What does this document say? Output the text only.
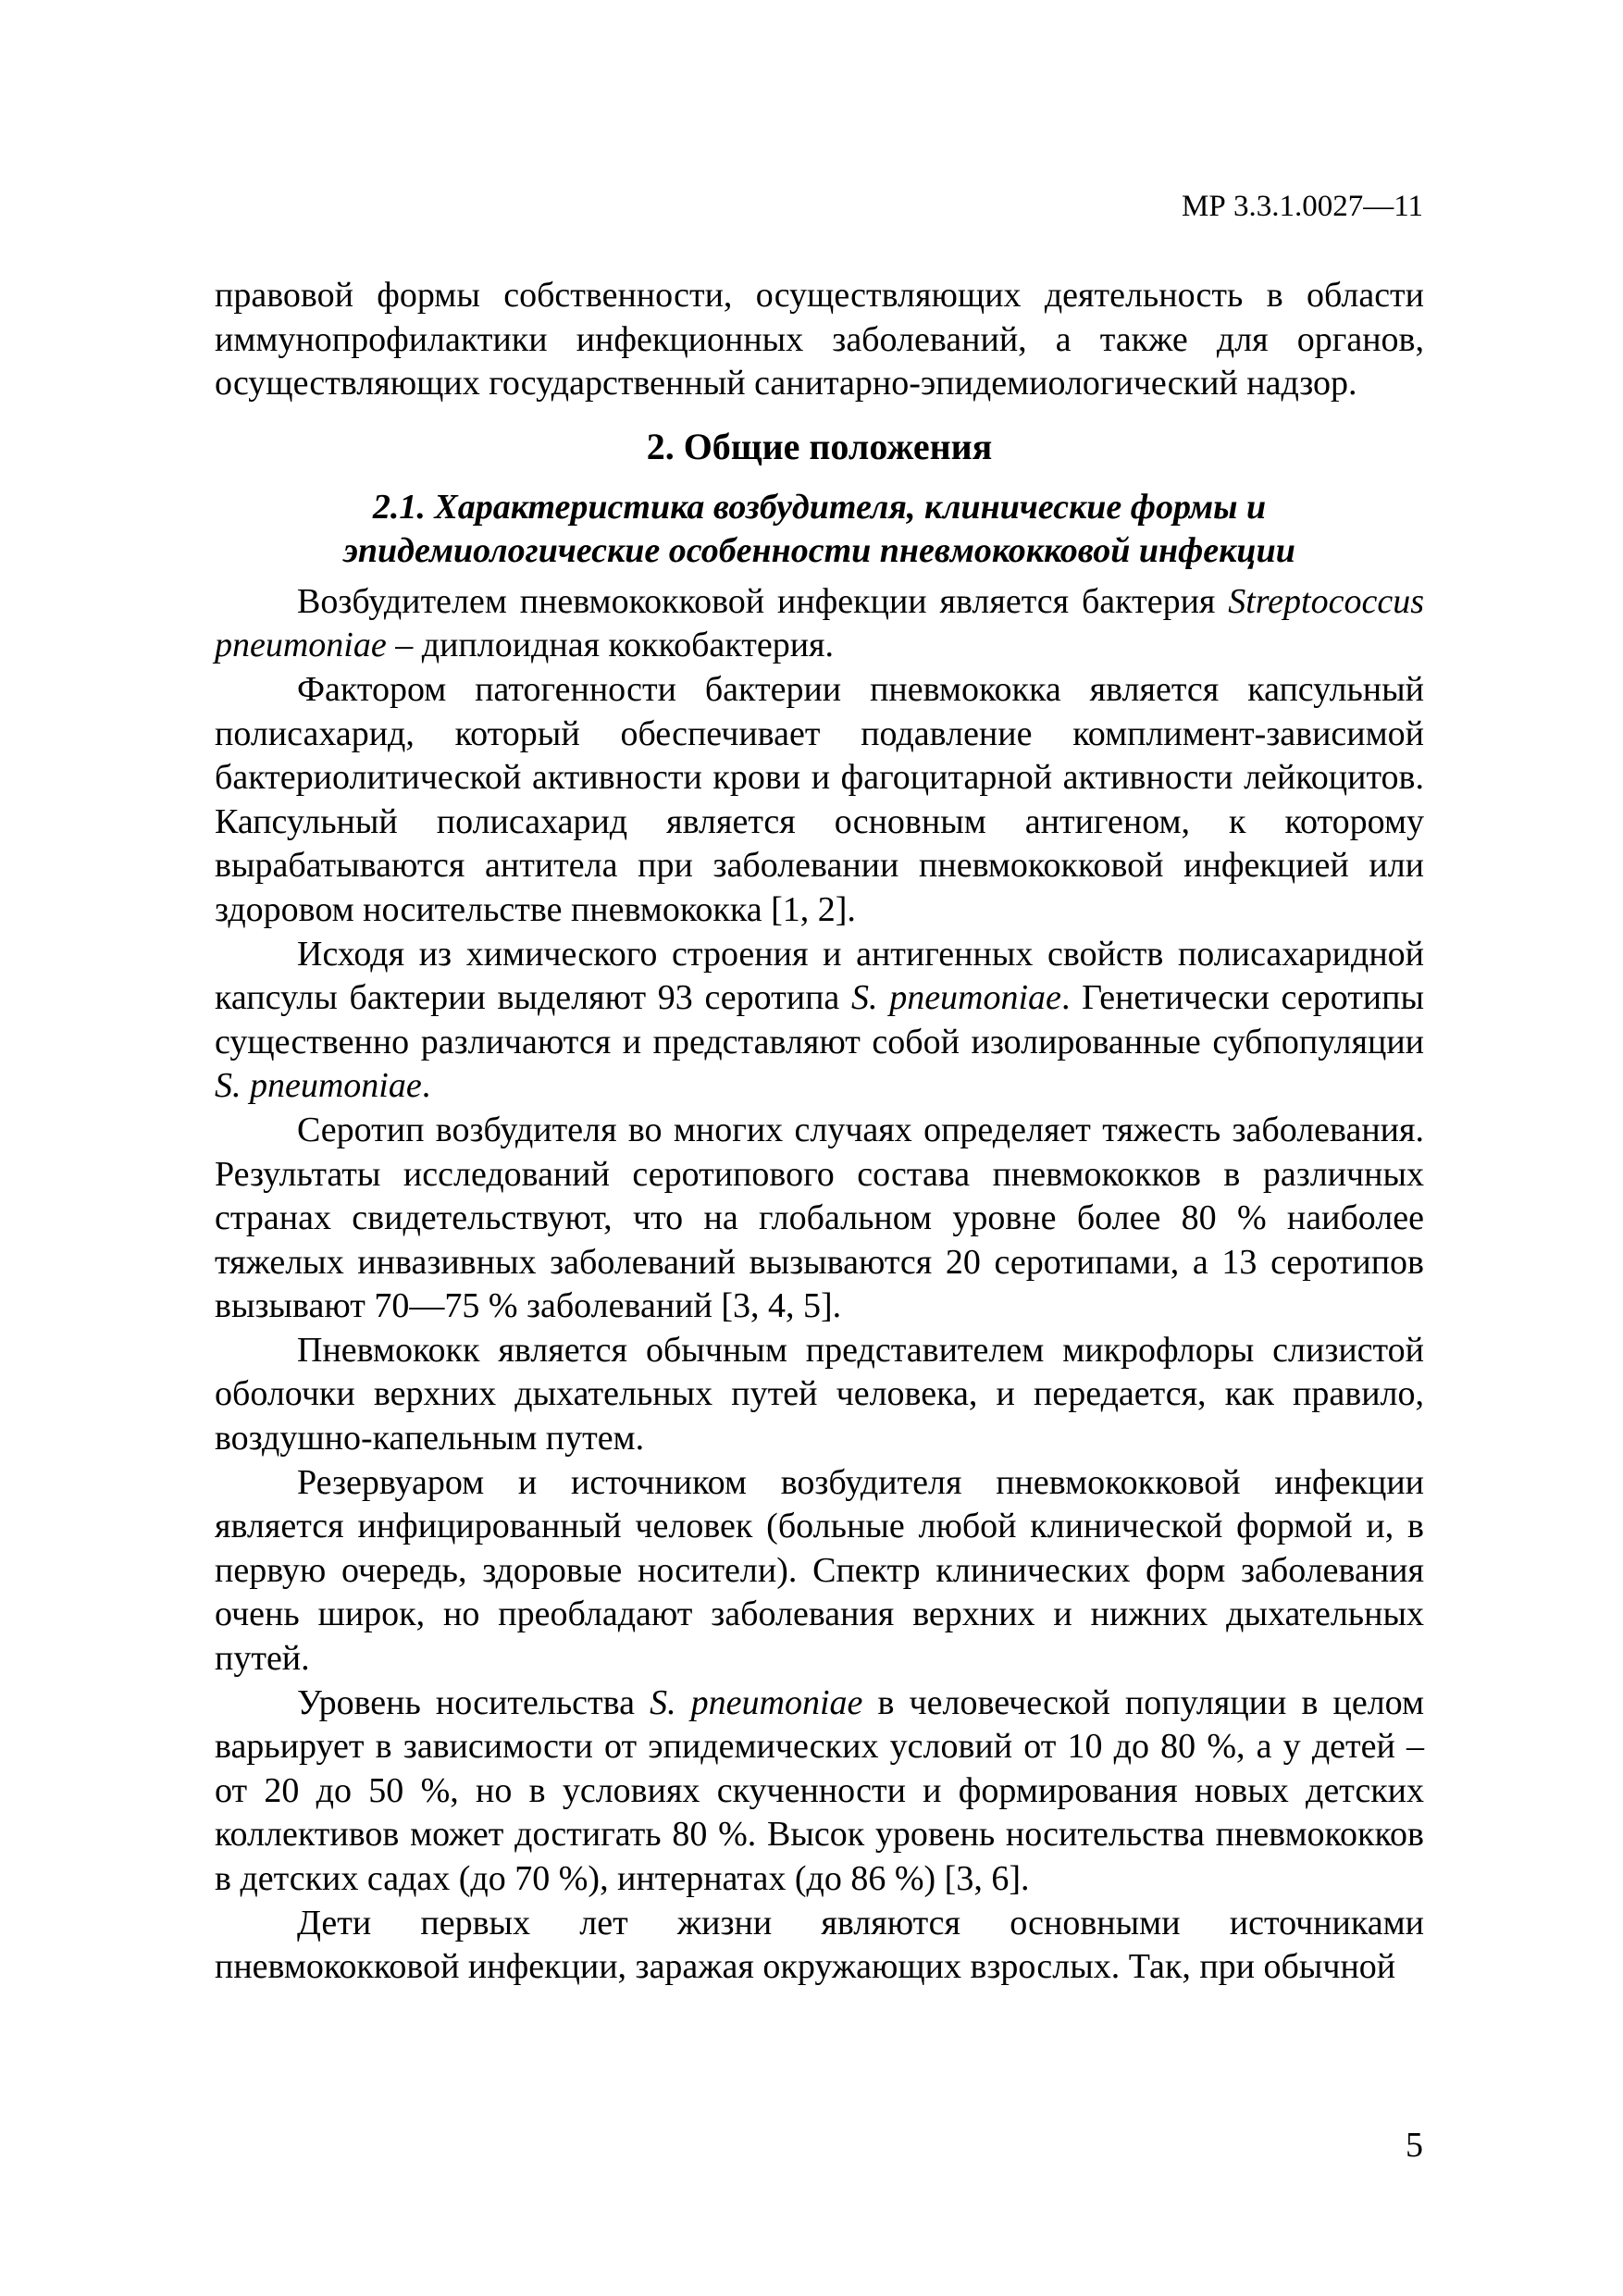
МР 3.3.1.0027—11

правовой формы собственности, осуществляющих деятельность в области иммунопрофилактики инфекционных заболеваний, а также для органов, осуществляющих государственный санитарно-эпидемиологический надзор.

2. Общие положения
2.1. Характеристика возбудителя, клинические формы и
эпидемиологические особенности пневмококковой инфекции

Возбудителем пневмококковой инфекции является бактерия Streptococcus pneumoniae – диплоидная коккобактерия.

Фактором патогенности бактерии пневмококка является капсульный полисахарид, который обеспечивает подавление комплимент-зависимой бактериолитической активности крови и фагоцитарной активности лейкоцитов. Капсульный полисахарид является основным антигеном, к которому вырабатываются антитела при заболевании пневмококковой инфекцией или здоровом носительстве пневмококка [1, 2].

Исходя из химического строения и антигенных свойств полисахаридной капсулы бактерии выделяют 93 серотипа S. pneumoniae. Генетически серотипы существенно различаются и представляют собой изолированные субпопуляции S. pneumoniae.

Серотип возбудителя во многих случаях определяет тяжесть заболевания. Результаты исследований серотипового состава пневмококков в различных странах свидетельствуют, что на глобальном уровне более 80 % наиболее тяжелых инвазивных заболеваний вызываются 20 серотипами, а 13 серотипов вызывают 70—75 % заболеваний [3, 4, 5].

Пневмококк является обычным представителем микрофлоры слизистой оболочки верхних дыхательных путей человека, и передается, как правило, воздушно-капельным путем.

Резервуаром и источником возбудителя пневмококковой инфекции является инфицированный человек (больные любой клинической формой и, в первую очередь, здоровые носители). Спектр клинических форм заболевания очень широк, но преобладают заболевания верхних и нижних дыхательных путей.

Уровень носительства S. pneumoniae в человеческой популяции в целом варьирует в зависимости от эпидемических условий от 10 до 80 %, а у детей – от 20 до 50 %, но в условиях скученности и формирования новых детских коллективов может достигать 80 %. Высок уровень носительства пневмококков в детских садах (до 70 %), интернатах (до 86 %) [3, 6].

Дети первых лет жизни являются основными источниками пневмококковой инфекции, заражая окружающих взрослых. Так, при обычной

5
